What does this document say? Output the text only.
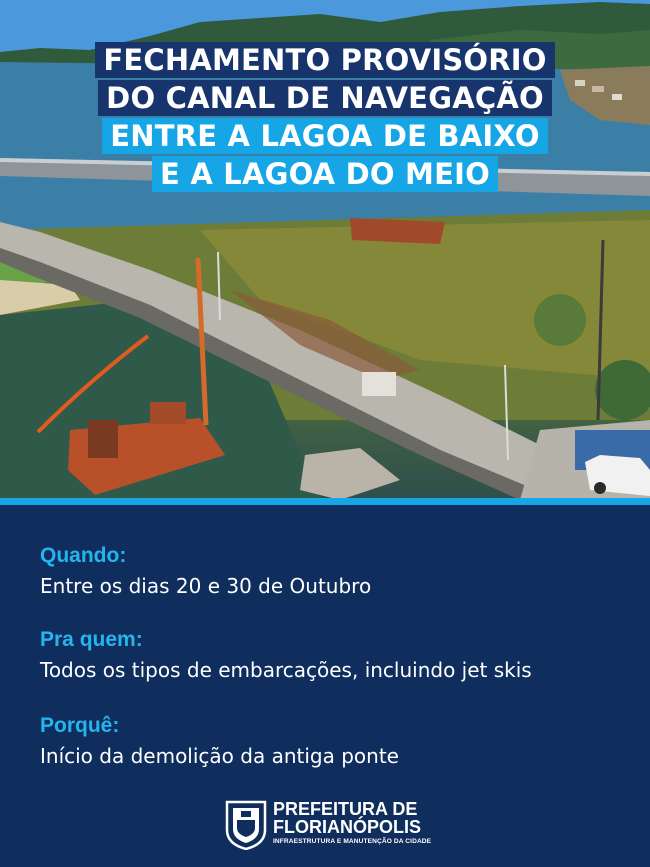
FECHAMENTO PROVISÓRIO
DO CANAL DE NAVEGAÇÃO
ENTRE A LAGOA DE BAIXO
E A LAGOA DO MEIO
Quando:
Entre os dias 20 e 30 de Outubro
Pra quem:
Todos os tipos de embarcações, incluindo jet skis
Porquê:
Início da demolição da antiga ponte
PREFEITURA DE
FLORIANÓPOLIS
INFRAESTRUTURA E MANUTENÇÃO DA CIDADE
